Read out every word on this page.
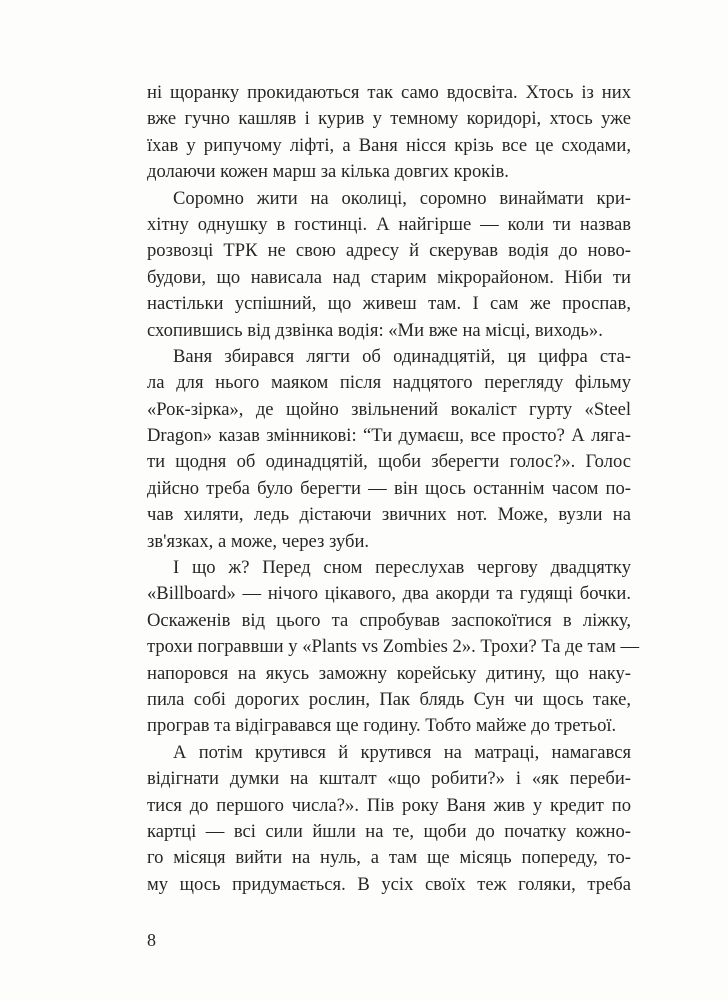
ні щоранку прокидаються так само вдосвіта. Хтось із них
вже гучно кашляв і курив у темному коридорі, хтось уже
їхав у рипучому ліфті, а Ваня нісся крізь все це сходами,
долаючи кожен марш за кілька довгих кроків.
Соромно жити на околиці, соромно винаймати кри-
хітну однушку в гостинці. А найгірше — коли ти назвав
розвозці ТРК не свою адресу й скерував водія до ново-
будови, що нависала над старим мікрорайоном. Ніби ти
настільки успішний, що живеш там. І сам же проспав,
схопившись від дзвінка водія: «Ми вже на місці, виходь».
Ваня збирався лягти об одинадцятій, ця цифра ста-
ла для нього маяком після надцятого перегляду фільму
«Рок-зірка», де щойно звільнений вокаліст гурту «Steel
Dragon» казав змінникові: “Ти думаєш, все просто? А ляга-
ти щодня об одинадцятій, щоби зберегти голос?». Голос
дійсно треба було берегти — він щось останнім часом по-
чав хиляти, ледь дістаючи звичних нот. Може, вузли на
зв'язках, а може, через зуби.
І що ж? Перед сном переслухав чергову двадцятку
«Billboard» — нічого цікавого, два акорди та гудящі бочки.
Оскаженів від цього та спробував заспокоїтися в ліжку,
трохи пограввши у «Plants vs Zombies 2». Трохи? Та де там —
напоровся на якусь заможну корейську дитину, що наку-
пила собі дорогих рослин, Пак блядь Сун чи щось таке,
програв та відігравався ще годину. Тобто майже до третьої.
А потім крутився й крутився на матраці, намагався
відігнати думки на кшталт «що робити?» і «як переби-
тися до першого числа?». Пів року Ваня жив у кредит по
картці — всі сили йшли на те, щоби до початку кожно-
го місяця вийти на нуль, а там ще місяць попереду, то-
му щось придумається. В усіх своїх теж голяки, треба
8
